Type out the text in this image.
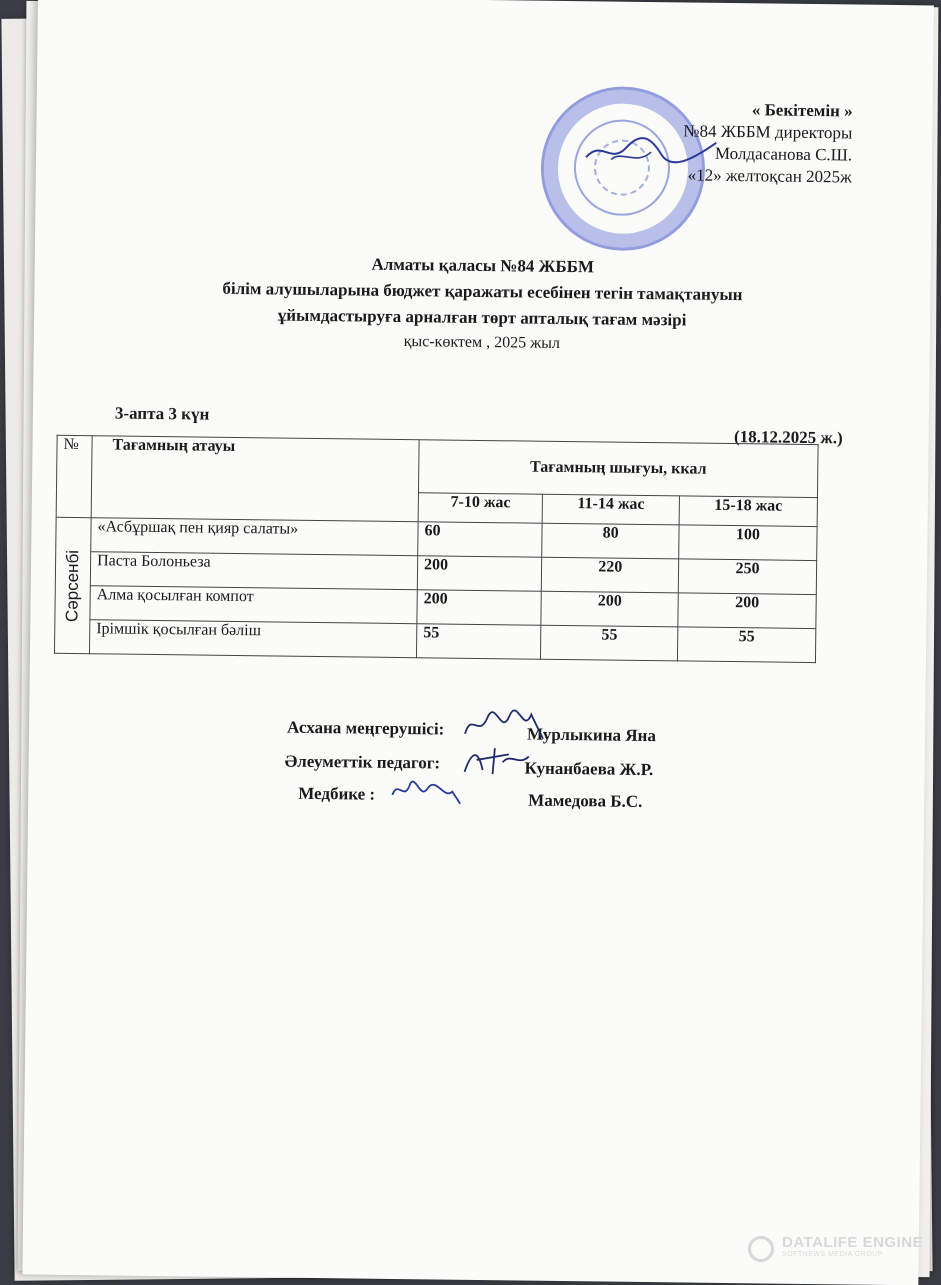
« Бекітемін »
№84 ЖББМ директоры
Молдасанова С.Ш.
«12» желтоқсан 2025ж
Алматы қаласы №84 ЖББМ
білім алушыларына бюджет қаражаты есебінен тегін тамақтануын
ұйымдастыруға арналған төрт апталық тағам мәзірі
қыс-көктем , 2025 жыл
3-апта 3 күн
(18.12.2025 ж.)
№	Тағамның атауы	Тағамның шығуы, ккал		
		7-10 жас	11-14 жас	15-18 жас

Сәрсенбі	«Асбұршақ пен қияр салаты»	60	80	100
	Паста Болоньеза	200	220	250
	Алма қосылған компот	200	200	200
	Ірімшік қосылған бәліш	55	55	55
Асхана меңгерушісі:	Мурлыкина Яна
Әлеуметтік педагог:	Кунанбаева Ж.Р.
Медбике :	Мамедова Б.С.
DATALIFE ENGINE
SOFTNEWS MEDIA GROUP
